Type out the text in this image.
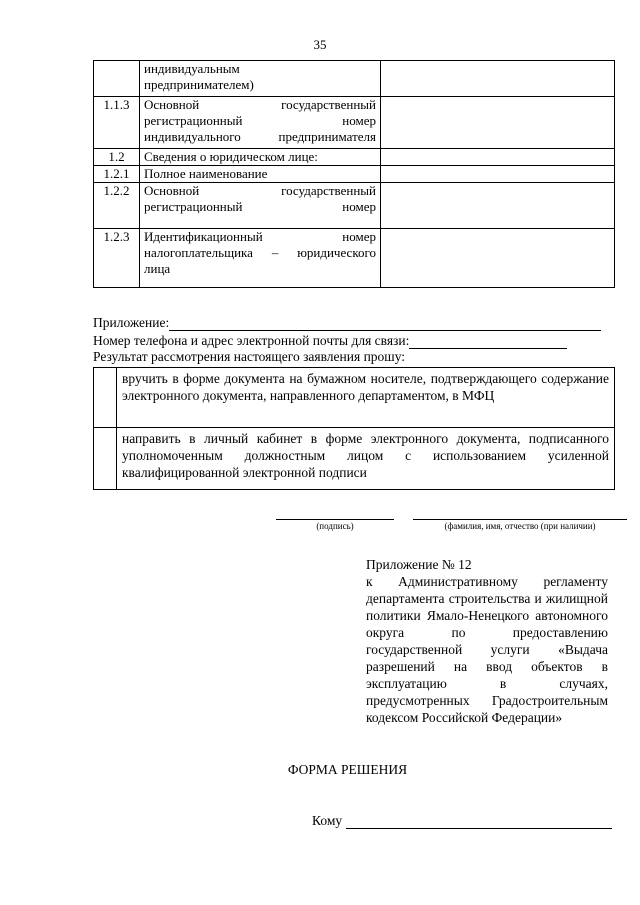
35

	индивидуальным
предпринимателем)	

1.1.3	Основной государственный
регистрационный номер
индивидуального предпринимателя	

1.2	Сведения о юридическом лице:	

1.2.1	Полное наименование	

1.2.2	Основной государственный
регистрационный номер	

1.2.3	Идентификационный номер
налогоплательщика – юридического
лица	

Приложение:
Номер телефона и адрес электронной почты для связи:
Результат рассмотрения настоящего заявления прошу:
	вручить в форме документа на бумажном носителе, подтверждающего содержание электронного документа, направленного департаментом, в МФЦ
	направить в личный кабинет в форме электронного документа, подписанного уполномоченным должностным лицом с использованием усиленной квалифицированной электронной подписи
(подпись)	(фамилия, имя, отчество (при наличии)

Приложение № 12

к Административному регламенту департамента строительства и жилищной политики Ямало-Ненецкого автономного округа по предоставлению государственной услуги «Выдача разрешений на ввод объектов в эксплуатацию в случаях, предусмотренных Градостроительным кодексом Российской Федерации»

ФОРМА РЕШЕНИЯ
Кому
